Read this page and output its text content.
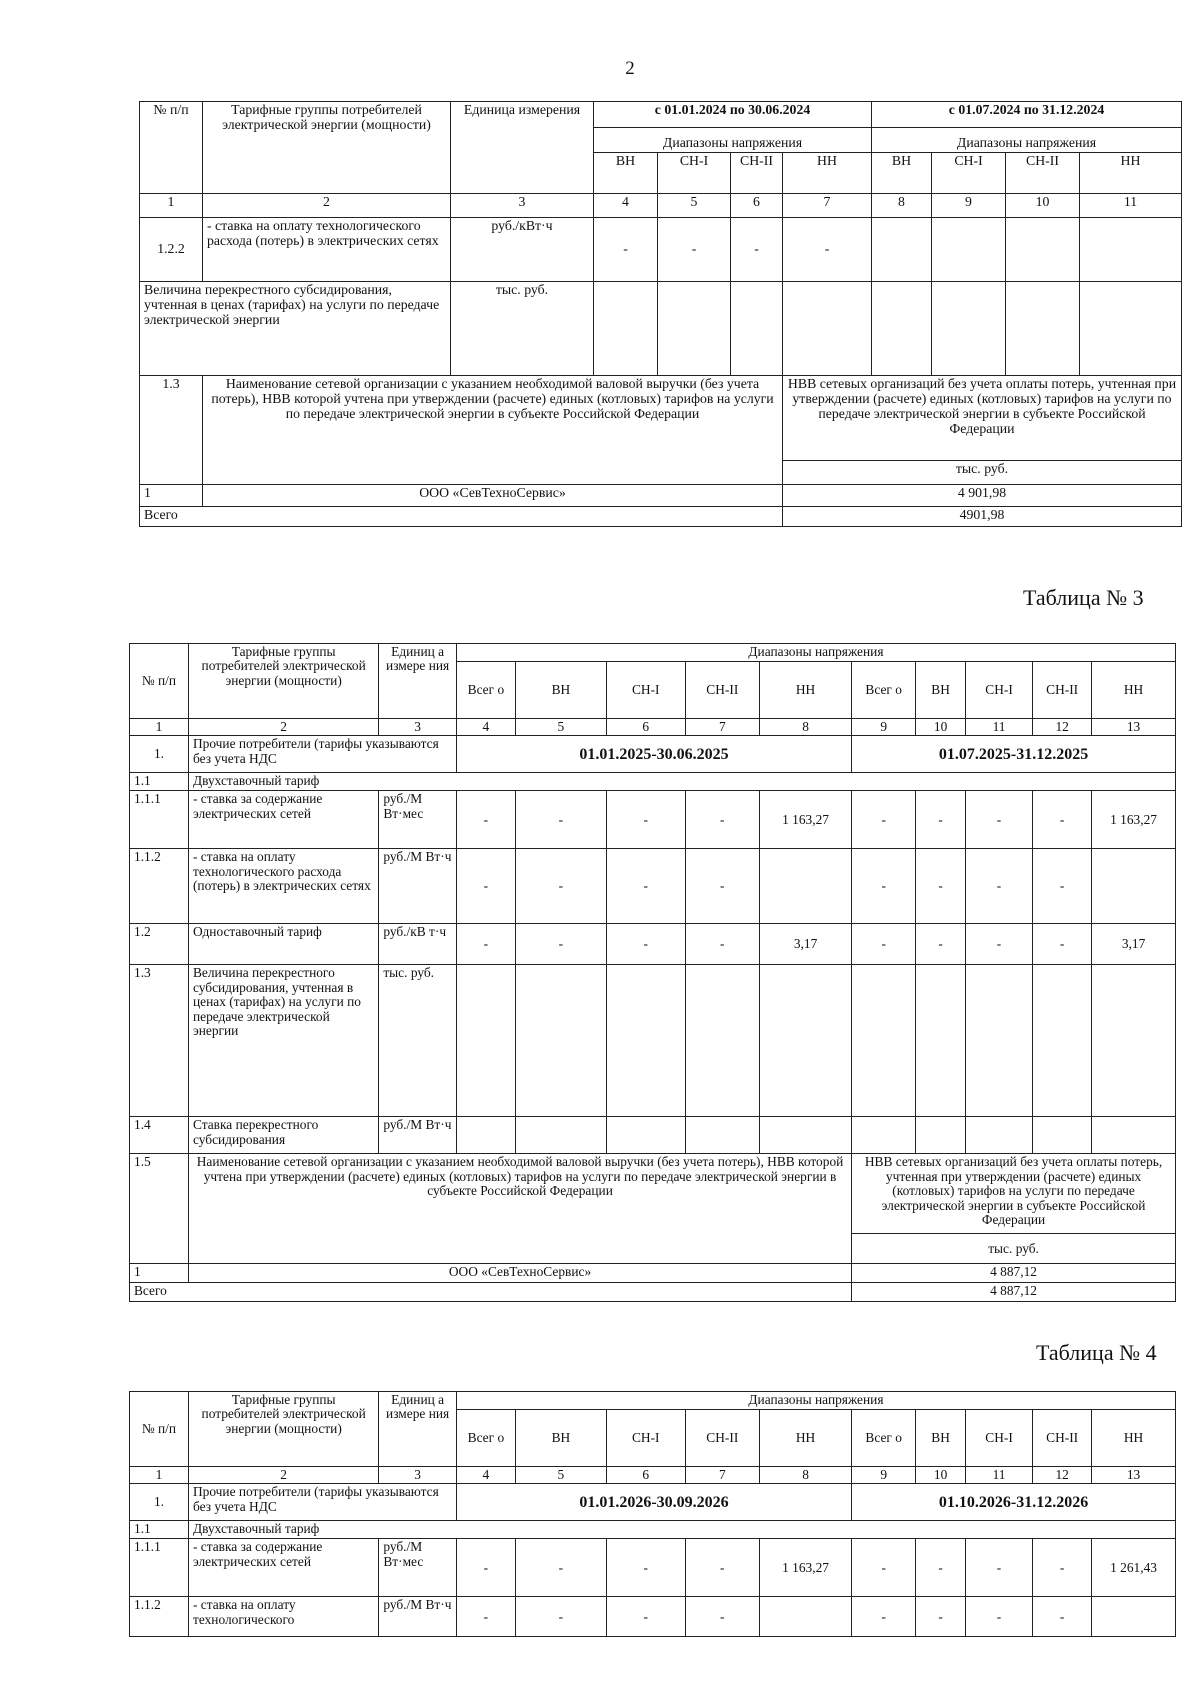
2
№ п/п	Тарифные группы потребителей электрической энергии (мощности)	Единица измерения	с 01.01.2024 по 30.06.2024				с 01.07.2024 по 31.12.2024			
			Диапазоны напряжения				Диапазоны напряжения			
			ВН	СН-I	СН-II	НН	ВН	СН-I	СН-II	НН
1	2	3	4	5	6	7	8	9	10	11
1.2.2	- ставка на оплату технологического расхода (потерь) в электрических сетях	руб./кВт·ч	-	-	-	-				
Величина перекрестного субсидирования, учтенная в ценах (тарифах) на услуги по передаче электрической энергии		тыс. руб.								
1.3	Наименование сетевой организации с указанием необходимой валовой выручки (без учета потерь), НВВ которой учтена при утверждении (расчете) единых (котловых) тарифов на услуги по передаче электрической энергии в субъекте Российской Федерации					НВВ сетевых организаций без учета оплаты потерь, учтенная при утверждении (расчете) единых (котловых) тарифов на услуги по передаче электрической энергии в субъекте Российской Федерации				
						тыс. руб.				
1	ООО «СевТехноСервис»					4 901,98				
Всего						4901,98				
Таблица № 3
№ п/п	Тарифные группы потребителей электрической энергии (мощности)	Единиц а измере ния	Диапазоны напряжения									
			Всег о	ВН	СН-I	СН-II	НН	Всег о	ВН	СН-I	СН-II	НН
1	2	3	4	5	6	7	8	9	10	11	12	13
1.	Прочие потребители (тарифы указываются без учета НДС		01.01.2025-30.06.2025					01.07.2025-31.12.2025				
1.1	Двухставочный тариф											
1.1.1	- ставка за содержание электрических сетей	руб./М Вт·мес	-	-	-	-	1 163,27	-	-	-	-	1 163,27
1.1.2	- ставка на оплату технологического расхода (потерь) в электрических сетях	руб./М Вт·ч	-	-	-	-		-	-	-	-	
1.2	Одноставочный тариф	руб./кВ т·ч	-	-	-	-	3,17	-	-	-	-	3,17
1.3	Величина перекрестного субсидирования, учтенная в ценах (тарифах) на услуги по передаче электрической энергии	тыс. руб.										
1.4	Ставка перекрестного субсидирования	руб./М Вт·ч										
1.5	Наименование сетевой организации с указанием необходимой валовой выручки (без учета потерь), НВВ которой учтена при утверждении (расчете) единых (котловых) тарифов на услуги по передаче электрической энергии в субъекте Российской Федерации							НВВ сетевых организаций без учета оплаты потерь, учтенная при утверждении (расчете) единых (котловых) тарифов на услуги по передаче электрической энергии в субъекте Российской Федерации				
								тыс. руб.				
1	ООО «СевТехноСервис»							4 887,12				
Всего								4 887,12				
Таблица № 4
№ п/п	Тарифные группы потребителей электрической энергии (мощности)	Единиц а измере ния	Диапазоны напряжения									
			Всег о	ВН	СН-I	СН-II	НН	Всег о	ВН	СН-I	СН-II	НН
1	2	3	4	5	6	7	8	9	10	11	12	13
1.	Прочие потребители (тарифы указываются без учета НДС		01.01.2026-30.09.2026					01.10.2026-31.12.2026				
1.1	Двухставочный тариф											
1.1.1	- ставка за содержание электрических сетей	руб./М Вт·мес	-	-	-	-	1 163,27	-	-	-	-	1 261,43
1.1.2	- ставка на оплату технологического	руб./М Вт·ч	-	-	-	-		-	-	-	-	
